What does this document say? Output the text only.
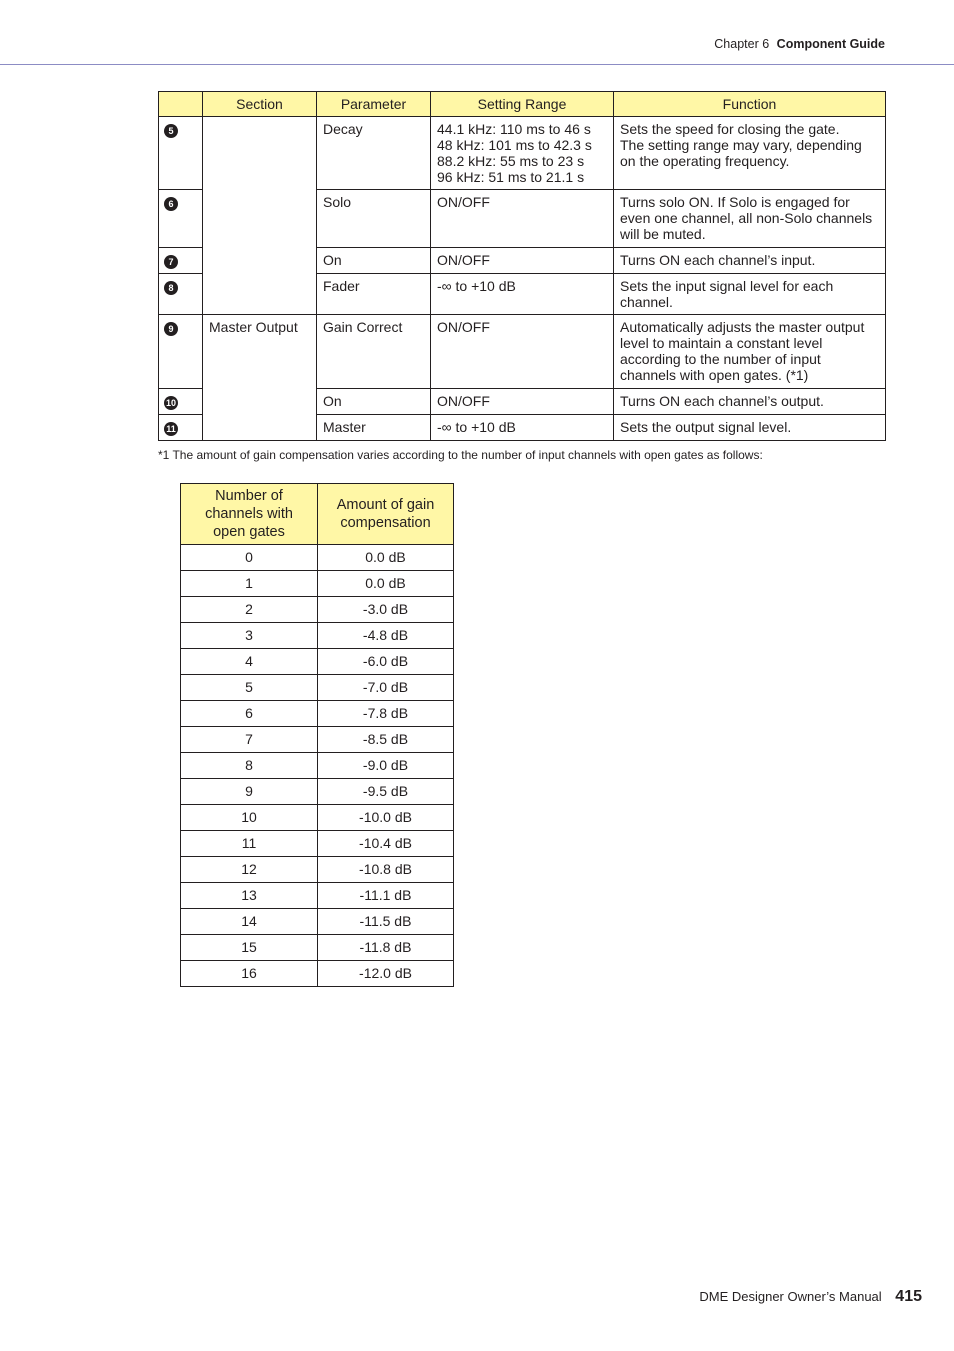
Chapter 6 Component Guide
	Section	Parameter	Setting Range	Function
5		Decay	44.1 kHz: 110 ms to 46 s
48 kHz: 101 ms to 42.3 s
88.2 kHz: 55 ms to 23 s
96 kHz: 51 ms to 21.1 s	Sets the speed for closing the gate.
The setting range may vary, depending on the operating frequency.
6		Solo	ON/OFF	Turns solo ON. If Solo is engaged for even one channel, all non-Solo channels will be muted.
7		On	ON/OFF	Turns ON each channel’s input.
8		Fader	-∞ to +10 dB	Sets the input signal level for each channel.
9	Master Output	Gain Correct	ON/OFF	Automatically adjusts the master output level to maintain a constant level according to the number of input channels with open gates. (*1)
10		On	ON/OFF	Turns ON each channel’s output.
11		Master	-∞ to +10 dB	Sets the output signal level.
*1 The amount of gain compensation varies according to the number of input channels with open gates as follows:
Number of channels with open gates	Amount of gain compensation
0	0.0 dB
1	0.0 dB
2	-3.0 dB
3	-4.8 dB
4	-6.0 dB
5	-7.0 dB
6	-7.8 dB
7	-8.5 dB
8	-9.0 dB
9	-9.5 dB
10	-10.0 dB
11	-10.4 dB
12	-10.8 dB
13	-11.1 dB
14	-11.5 dB
15	-11.8 dB
16	-12.0 dB
DME Designer Owner’s Manual 415
